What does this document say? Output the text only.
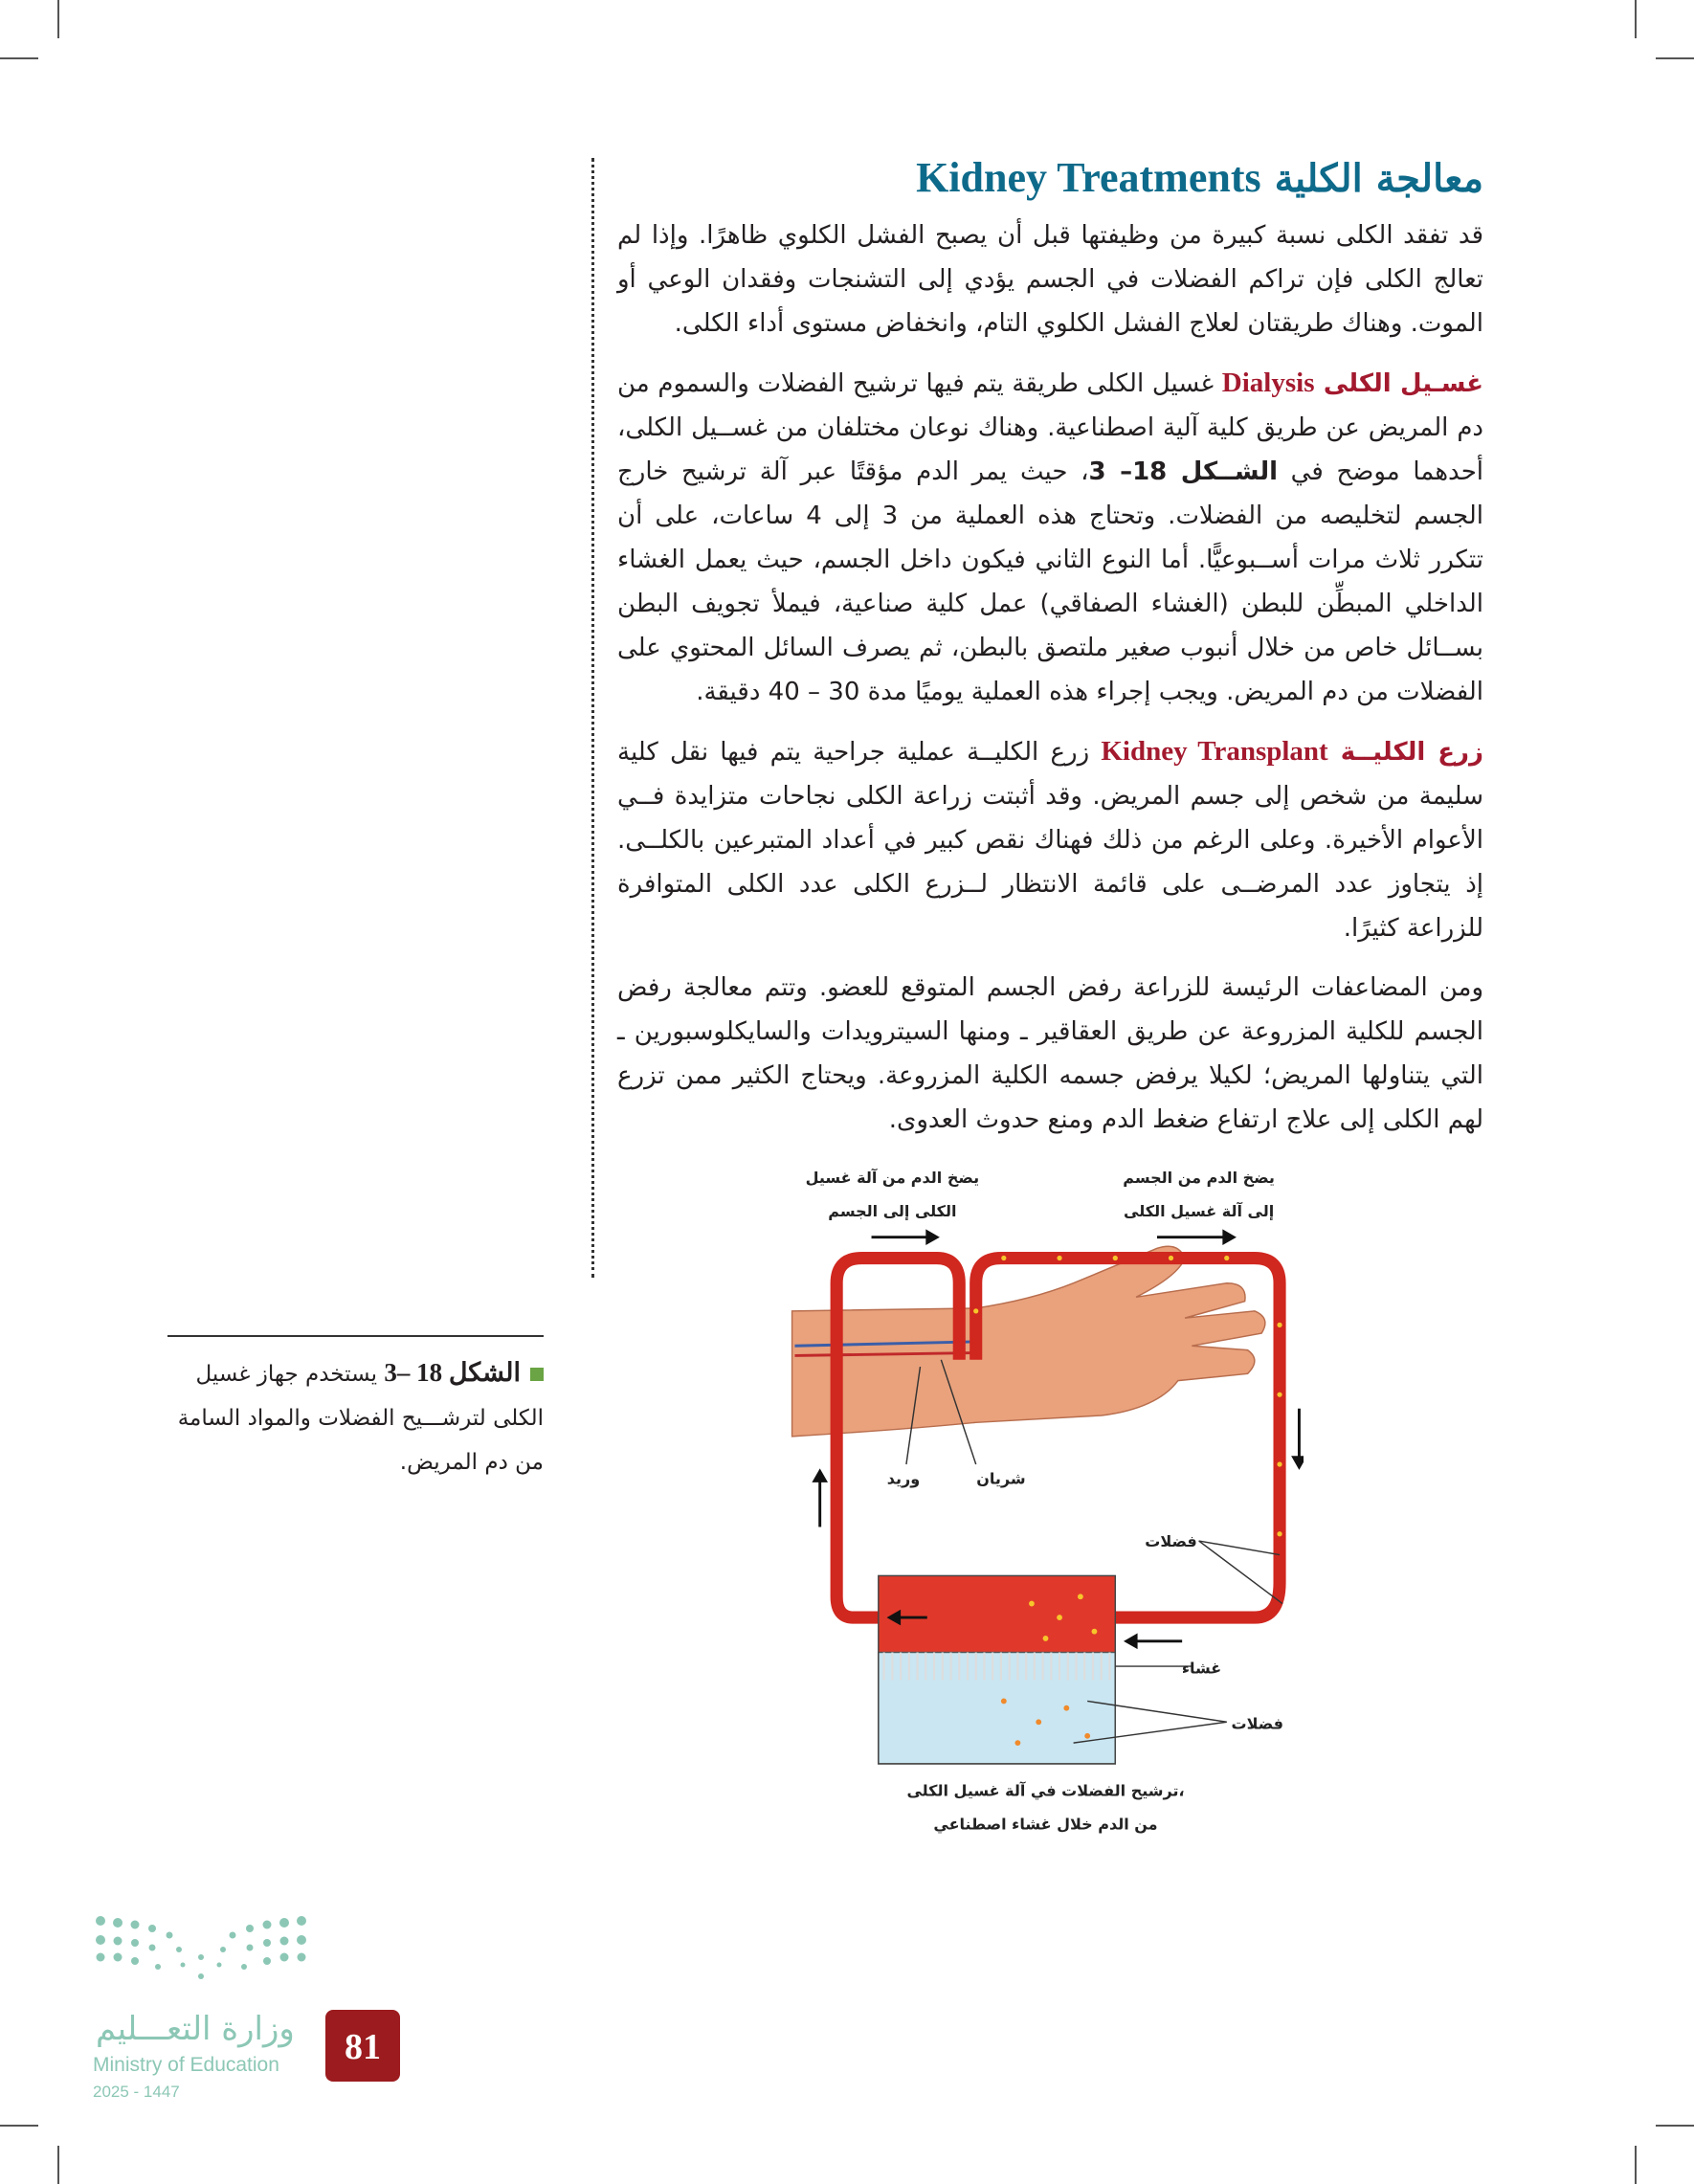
الشكل 18 –3 يستخدم جهاز غسيل الكلى لترشـــيح الفضلات والمواد السامة من دم المريض.
معالجة الكلية Kidney Treatments

قد تفقد الكلى نسبة كبيرة من وظيفتها قبل أن يصبح الفشل الكلوي ظاهرًا. وإذا لم تعالج الكلى فإن تراكم الفضلات في الجسم يؤدي إلى التشنجات وفقدان الوعي أو الموت. وهناك طريقتان لعلاج الفشل الكلوي التام، وانخفاض مستوى أداء الكلى.

غسـيل الكلى Dialysis غسيل الكلى طريقة يتم فيها ترشيح الفضلات والسموم من دم المريض عن طريق كلية آلية اصطناعية. وهناك نوعان مختلفان من غســيل الكلى، أحدهما موضح في الشــكل 18– 3، حيث يمر الدم مؤقتًا عبر آلة ترشيح خارج الجسم لتخليصه من الفضلات. وتحتاج هذه العملية من 3 إلى 4 ساعات، على أن تتكرر ثلاث مرات أســبوعيًّا. أما النوع الثاني فيكون داخل الجسم، حيث يعمل الغشاء الداخلي المبطِّن للبطن (الغشاء الصفاقي) عمل كلية صناعية، فيملأ تجويف البطن بســائل خاص من خلال أنبوب صغير ملتصق بالبطن، ثم يصرف السائل المحتوي على الفضلات من دم المريض. ويجب إجراء هذه العملية يوميًا مدة 30 – 40 دقيقة.

زرع الكليــة Kidney Transplant زرع الكليــة عملية جراحية يتم فيها نقل كلية سليمة من شخص إلى جسم المريض. وقد أثبتت زراعة الكلى نجاحات متزايدة فــي الأعوام الأخيرة. وعلى الرغم من ذلك فهناك نقص كبير في أعداد المتبرعين بالكلــى. إذ يتجاوز عدد المرضــى على قائمة الانتظار لــزرع الكلى عدد الكلى المتوافرة للزراعة كثيرًا.

ومن المضاعفات الرئيسة للزراعة رفض الجسم المتوقع للعضو. وتتم معالجة رفض الجسم للكلية المزروعة عن طريق العقاقير ـ ومنها السيترويدات والسايكلوسبورين ـ التي يتناولها المريض؛ لكيلا يرفض جسمه الكلية المزروعة. ويحتاج الكثير ممن تزرع لهم الكلى إلى علاج ارتفاع ضغط الدم ومنع حدوث العدوى.

يضخ الدم من آلة غسيل
الكلى إلى الجسم
يضخ الدم من الجسم
إلى آلة غسيل الكلى
شريان
وريد
فضلات
غشاء
فضلات
ترشيح الفضلات في آلة غسيل الكلى،
من الدم خلال غشاء اصطناعي
وزارة التعـــليم
Ministry of Education
2025 - 1447
81
